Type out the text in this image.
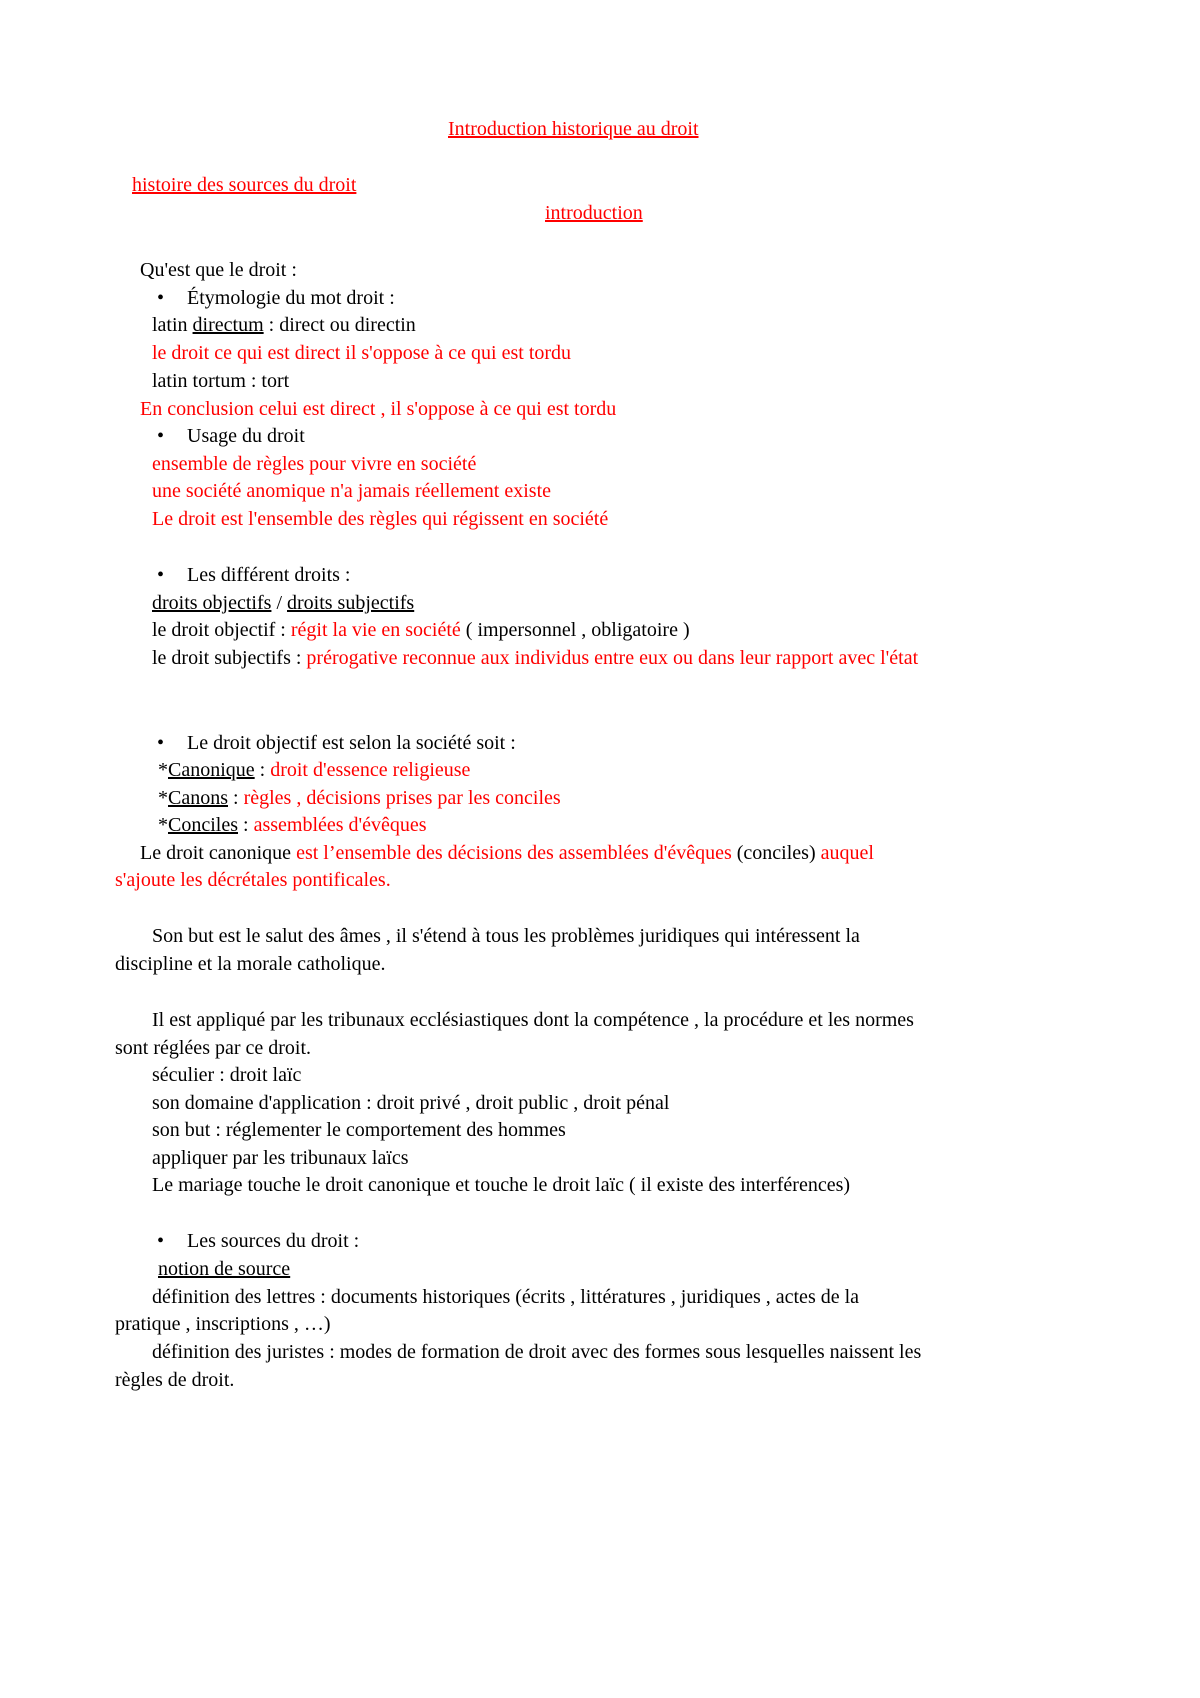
Introduction historique au droit
histoire des sources du droit
introduction
Qu'est que le droit :
• Étymologie du mot droit :
latin directum : direct ou directin
le droit ce qui est direct il s'oppose à ce qui est tordu
latin tortum : tort
En conclusion celui est direct , il s'oppose à ce qui est tordu
• Usage du droit
ensemble de règles pour vivre en société
une société anomique n'a jamais réellement existe
Le droit est l'ensemble des règles qui régissent en société
• Les différent droits :
droits objectifs / droits subjectifs
le droit objectif : régit la vie en société ( impersonnel , obligatoire )
le droit subjectifs : prérogative reconnue aux individus entre eux ou dans leur rapport avec l'état
• Le droit objectif est selon la société soit :
*Canonique : droit d'essence religieuse
*Canons : règles , décisions prises par les conciles
*Conciles : assemblées d'évêques
Le droit canonique est l’ensemble des décisions des assemblées d'évêques (conciles) auquel
s'ajoute les décrétales pontificales.
Son but est le salut des âmes , il s'étend à tous les problèmes juridiques qui intéressent la
discipline et la morale catholique.
Il est appliqué par les tribunaux ecclésiastiques dont la compétence , la procédure et les normes
sont réglées par ce droit.
séculier : droit laïc
son domaine d'application : droit privé , droit public , droit pénal
son but : réglementer le comportement des hommes
appliquer par les tribunaux laïcs
Le mariage touche le droit canonique et touche le droit laïc ( il existe des interférences)
• Les sources du droit :
notion de source
définition des lettres : documents historiques (écrits , littératures , juridiques , actes de la
pratique , inscriptions , …)
définition des juristes : modes de formation de droit avec des formes sous lesquelles naissent les
règles de droit.
